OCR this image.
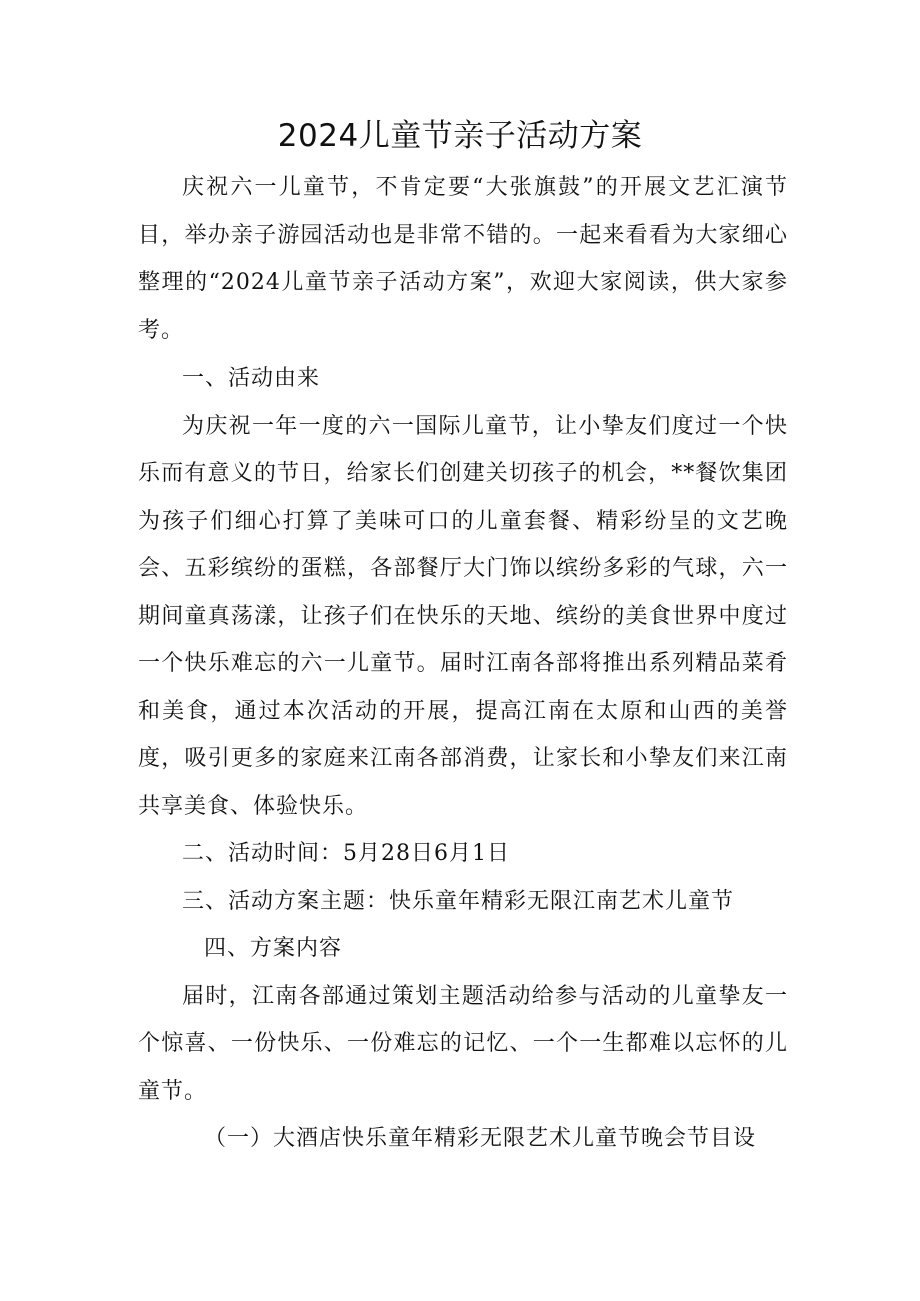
2024儿童节亲子活动方案

庆祝六一儿童节，不肯定要“大张旗鼓”的开展文艺汇演节目，举办亲子游园活动也是非常不错的。一起来看看为大家细心整理的“2024儿童节亲子活动方案”，欢迎大家阅读，供大家参考。

一、活动由来

为庆祝一年一度的六一国际儿童节，让小挚友们度过一个快乐而有意义的节日，给家长们创建关切孩子的机会，**餐饮集团为孩子们细心打算了美味可口的儿童套餐、精彩纷呈的文艺晚会、五彩缤纷的蛋糕，各部餐厅大门饰以缤纷多彩的气球，六一期间童真荡漾，让孩子们在快乐的天地、缤纷的美食世界中度过一个快乐难忘的六一儿童节。届时江南各部将推出系列精品菜肴和美食，通过本次活动的开展，提高江南在太原和山西的美誉度，吸引更多的家庭来江南各部消费，让家长和小挚友们来江南共享美食、体验快乐。

二、活动时间：5月28日6月1日

三、活动方案主题：快乐童年精彩无限江南艺术儿童节

四、方案内容

届时，江南各部通过策划主题活动给参与活动的儿童挚友一个惊喜、一份快乐、一份难忘的记忆、一个一生都难以忘怀的儿童节。

（一）大酒店快乐童年精彩无限艺术儿童节晚会节目设
